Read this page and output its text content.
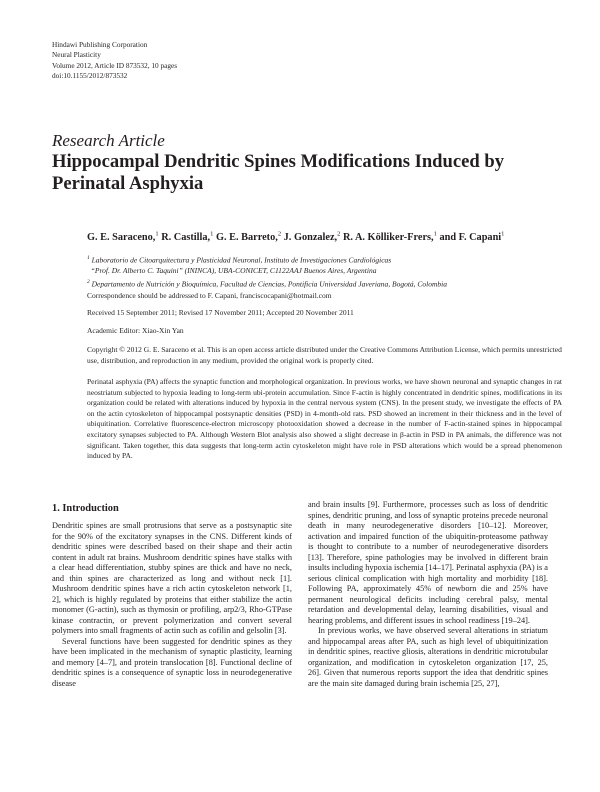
Hindawi Publishing Corporation
Neural Plasticity
Volume 2012, Article ID 873532, 10 pages
doi:10.1155/2012/873532
Research Article
Hippocampal Dendritic Spines Modifications Induced by Perinatal Asphyxia
G. E. Saraceno,$^1$ R. Castilla,$^1$ G. E. Barreto,$^2$ J. Gonzalez,$^2$ R. A. Kölliker-Frers,$^1$ and F. Capani$^1$
$^1$ Laboratorio de Citoarquitectura y Plasticidad Neuronal, Instituto de Investigaciones Cardiológicas
“Prof. Dr. Alberto C. Taquini” (ININCA), UBA-CONICET, C1122AAJ Buenos Aires, Argentina
$^2$ Departamento de Nutrición y Bioquímica, Facultad de Ciencias, Pontificia Universidad Javeriana, Bogotá, Colombia
Correspondence should be addressed to F. Capani, franciscocapani@hotmail.com
Received 15 September 2011; Revised 17 November 2011; Accepted 20 November 2011
Academic Editor: Xiao-Xin Yan
Copyright © 2012 G. E. Saraceno et al. This is an open access article distributed under the Creative Commons Attribution License, which permits unrestricted use, distribution, and reproduction in any medium, provided the original work is properly cited.
Perinatal asphyxia (PA) affects the synaptic function and morphological organization. In previous works, we have shown neuronal and synaptic changes in rat neostriatum subjected to hypoxia leading to long-term ubi-protein accumulation. Since F-actin is highly concentrated in dendritic spines, modifications in its organization could be related with alterations induced by hypoxia in the central nervous system (CNS). In the present study, we investigate the effects of PA on the actin cytoskeleton of hippocampal postsynaptic densities (PSD) in 4-month-old rats. PSD showed an increment in their thickness and in the level of ubiquitination. Correlative fluorescence-electron microscopy photooxidation showed a decrease in the number of F-actin-stained spines in hippocampal excitatory synapses subjected to PA. Although Western Blot analysis also showed a slight decrease in β-actin in PSD in PA animals, the difference was not significant. Taken together, this data suggests that long-term actin cytoskeleton might have role in PSD alterations which would be a spread phenomenon induced by PA.
1. Introduction

Dendritic spines are small protrusions that serve as a postsynaptic site for the 90% of the excitatory synapses in the CNS. Different kinds of dendritic spines were described based on their shape and their actin content in adult rat brains. Mushroom dendritic spines have stalks with a clear head differentiation, stubby spines are thick and have no neck, and thin spines are characterized as long and without neck [1]. Mushroom dendritic spines have a rich actin cytoskeleton network [1, 2], which is highly regulated by proteins that either stabilize the actin monomer (G-actin), such as thymosin or profiling, arp2/3, Rho-GTPase kinase contractin, or prevent polymerization and convert several polymers into small fragments of actin such as cofilin and gelsolin [3].

Several functions have been suggested for dendritic spines as they have been implicated in the mechanism of synaptic plasticity, learning and memory [4–7], and protein translocation [8]. Functional decline of dendritic spines is a consequence of synaptic loss in neurodegenerative disease

and brain insults [9]. Furthermore, processes such as loss of dendritic spines, dendritic pruning, and loss of synaptic proteins precede neuronal death in many neurodegenerative disorders [10–12]. Moreover, activation and impaired function of the ubiquitin-proteasome pathway is thought to contribute to a number of neurodegenerative disorders [13]. Therefore, spine pathologies may be involved in different brain insults including hypoxia ischemia [14–17]. Perinatal asphyxia (PA) is a serious clinical complication with high mortality and morbidity [18]. Following PA, approximately 45% of newborn die and 25% have permanent neurological deficits including cerebral palsy, mental retardation and developmental delay, learning disabilities, visual and hearing problems, and different issues in school readiness [19–24].

In previous works, we have observed several alterations in striatum and hippocampal areas after PA, such as high level of ubiquitinization in dendritic spines, reactive gliosis, alterations in dendritic microtubular organization, and modification in cytoskeleton organization [17, 25, 26]. Given that numerous reports support the idea that dendritic spines are the main site damaged during brain ischemia [25, 27],
